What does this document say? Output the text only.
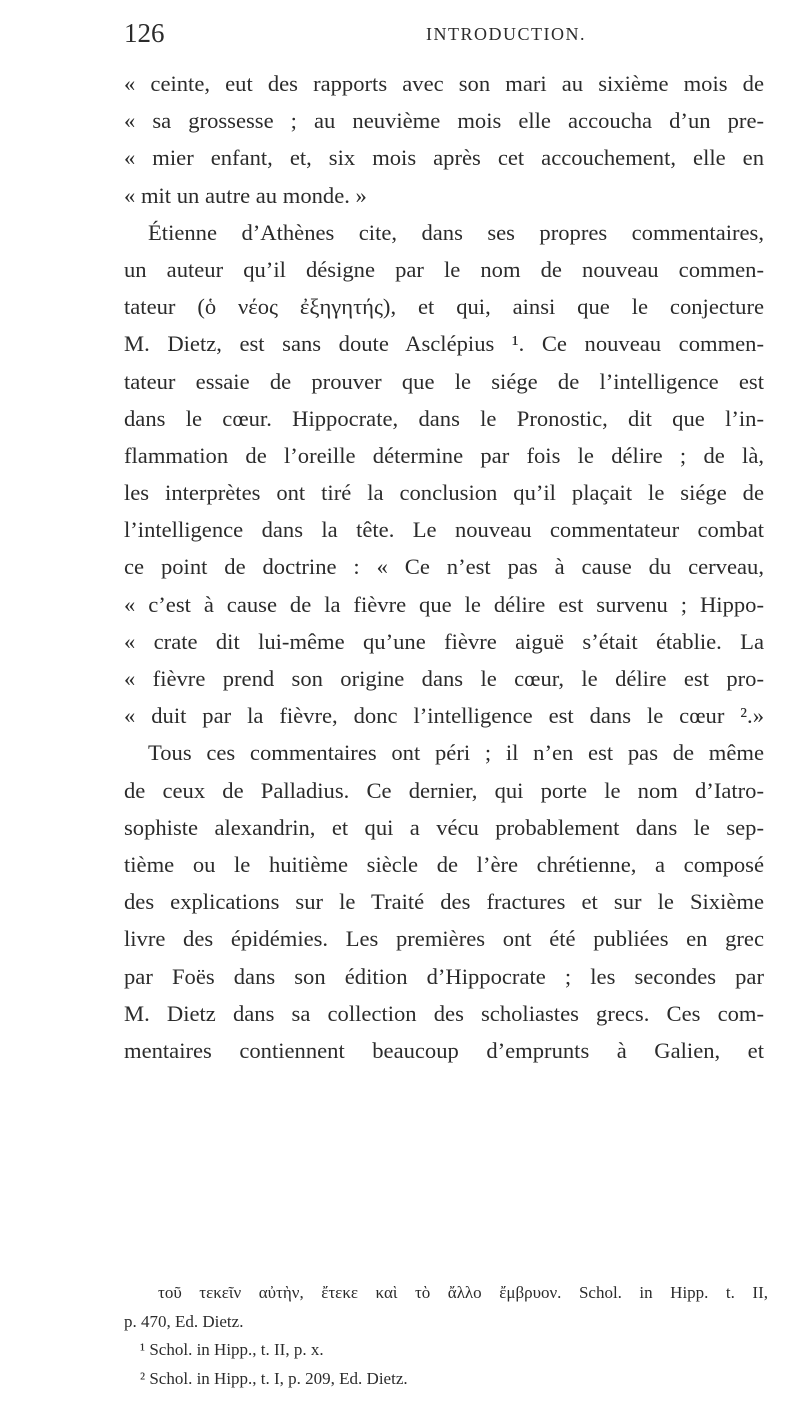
126	INTRODUCTION.
« ceinte, eut des rapports avec son mari au sixième mois de
« sa grossesse ; au neuvième mois elle accoucha d’un pre-
« mier enfant, et, six mois après cet accouchement, elle en
« mit un autre au monde. »
Étienne d’Athènes cite, dans ses propres commentaires,
un auteur qu’il désigne par le nom de nouveau commen-
tateur (ὁ νέος ἐξηγητής), et qui, ainsi que le conjecture
M. Dietz, est sans doute Asclépius ¹. Ce nouveau commen-
tateur essaie de prouver que le siége de l’intelligence est
dans le cœur. Hippocrate, dans le Pronostic, dit que l’in-
flammation de l’oreille détermine par fois le délire ; de là,
les interprètes ont tiré la conclusion qu’il plaçait le siége de
l’intelligence dans la tête. Le nouveau commentateur combat
ce point de doctrine : « Ce n’est pas à cause du cerveau,
« c’est à cause de la fièvre que le délire est survenu ; Hippo-
« crate dit lui-même qu’une fièvre aiguë s’était établie. La
« fièvre prend son origine dans le cœur, le délire est pro-
« duit par la fièvre, donc l’intelligence est dans le cœur ².»
Tous ces commentaires ont péri ; il n’en est pas de même
de ceux de Palladius. Ce dernier, qui porte le nom d’Iatro-
sophiste alexandrin, et qui a vécu probablement dans le sep-
tième ou le huitième siècle de l’ère chrétienne, a composé
des explications sur le Traité des fractures et sur le Sixième
livre des épidémies. Les premières ont été publiées en grec
par Foës dans son édition d’Hippocrate ; les secondes par
M. Dietz dans sa collection des scholiastes grecs. Ces com-
mentaires contiennent beaucoup d’emprunts à Galien, et
τοῦ τεκεῖν αὐτὴν, ἔτεκε καὶ τὸ ἄλλο ἔμβρυον. Schol. in Hipp. t. II,
p. 470, Ed. Dietz.
¹ Schol. in Hipp., t. II, p. x.
² Schol. in Hipp., t. I, p. 209, Ed. Dietz.
